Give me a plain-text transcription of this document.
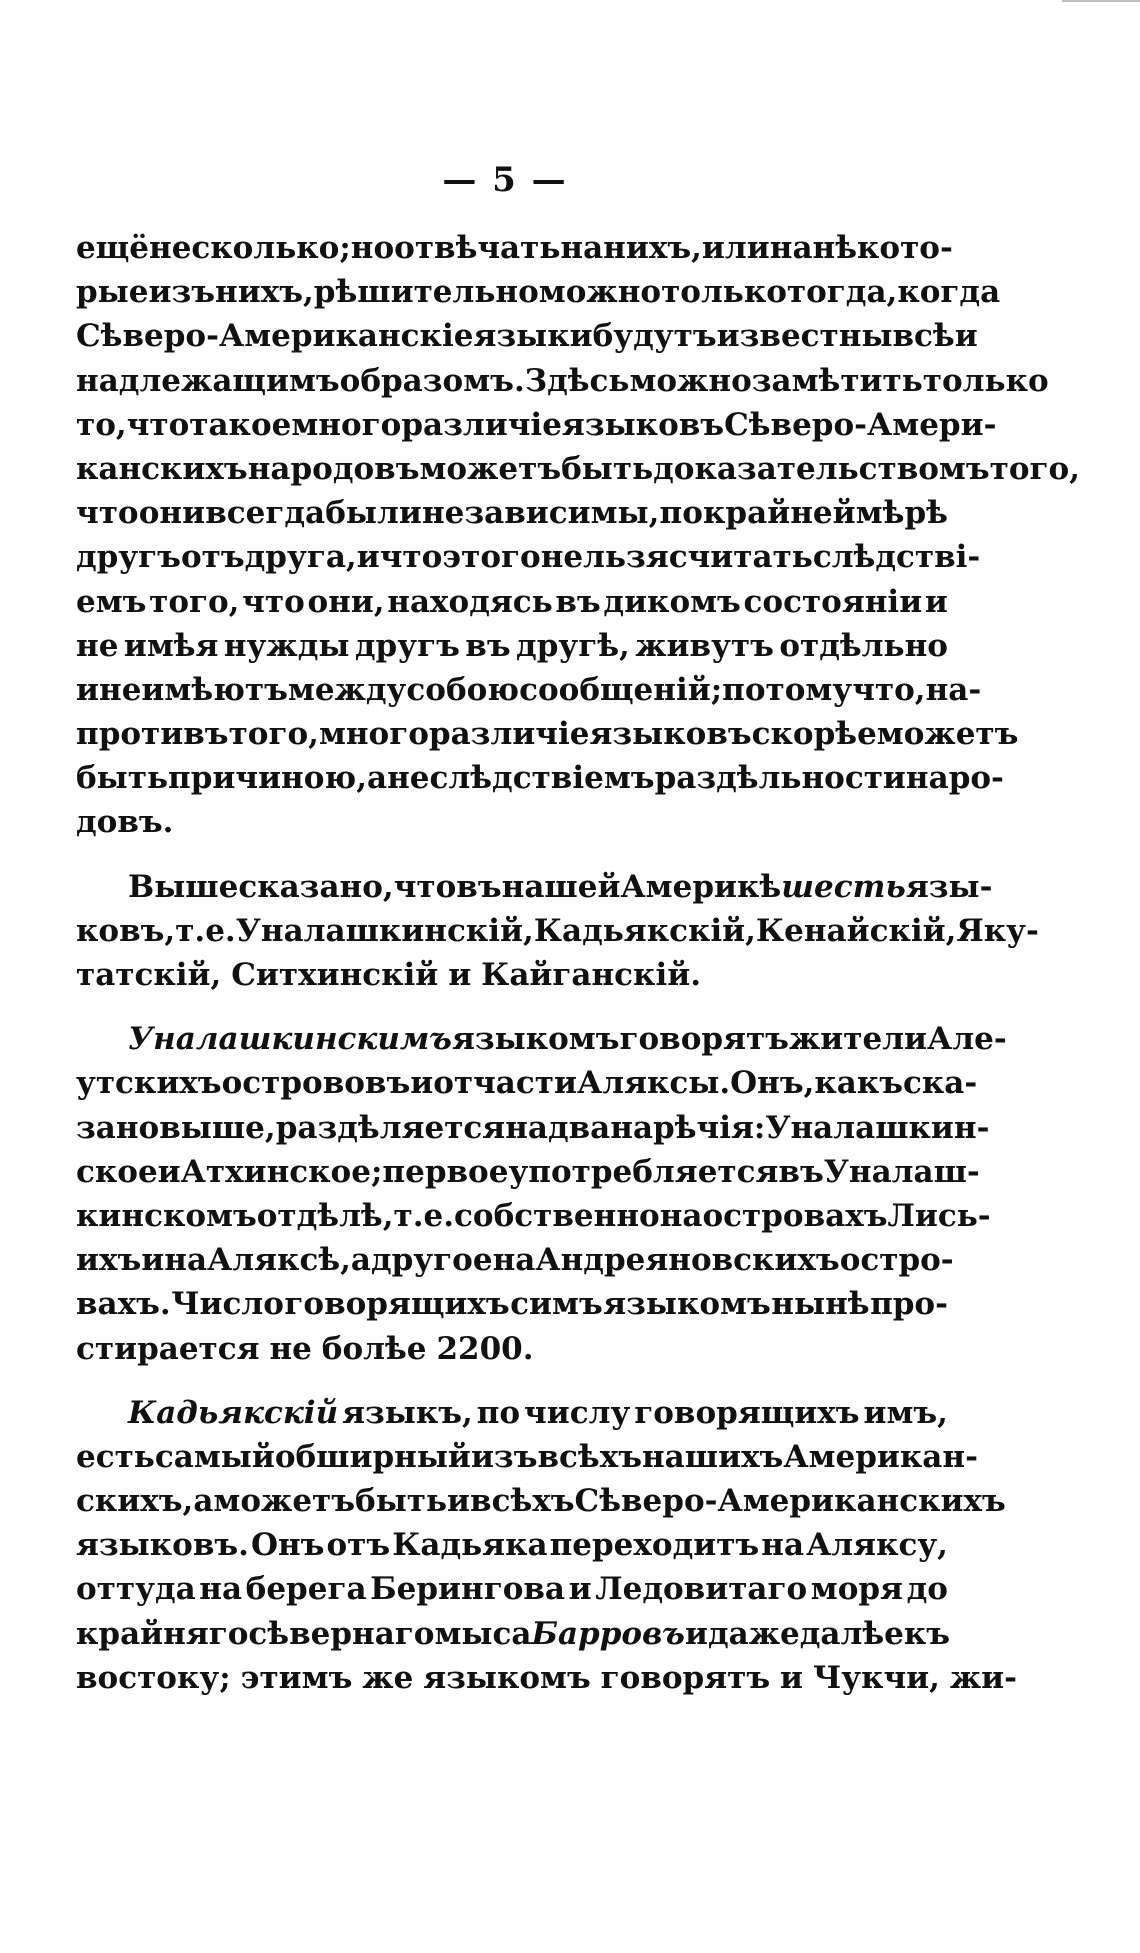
— 5 —
ещё несколько; но отвѣчать на нихъ, или на нѣкото-
рые изъ нихъ, рѣшительно можно только тогда, когда
Сѣверо-Американскіе языки будутъ известны всѣ и
надлежащимъ образомъ. Здѣсь можно замѣтить только
то, что такое многоразличіе языковъ Сѣверо-Амери-
канскихъ народовъ можетъ быть доказательствомъ того,
что они всегда были независимы, по крайней мѣрѣ
другъ отъ друга, и что этого нельзя считать слѣдстві-
емъ того, что они, находясь въ дикомъ состояніи и
не имѣя нужды другъ въ другѣ, живутъ отдѣльно
и не имѣютъ между собою сообщеній; потому что, на-
противъ того, многоразличіе языковъ скорѣе можетъ
быть причиною, а не слѣдствіемъ раздѣльности наро-
довъ.
Выше сказано, что въ нашей Америкѣ шесть язы-
ковъ, т. е. Уналашкинскій, Кадьякскій, Кенайскій, Яку-
татскій, Ситхинскій и Кайганскій.
Уналашкинскимъ языкомъ говорятъ жители Але-
утскихъ острововъ и отчасти Аляксы. Онъ, какъ ска-
зано выше, раздѣляется на два нарѣчія: Уналашкин-
ское и Атхинское; первое употребляется въ Уналаш-
кинскомъ отдѣлѣ, т. е. собственно на островахъ Лись-
ихъ и на Аляксѣ, а другое на Андреяновскихъ остро-
вахъ. Число говорящихъ симъ языкомъ нынѣ про-
стирается не болѣе 2200.
Кадьякскій языкъ, по числу говорящихъ имъ,
есть самый обширный изъ всѣхъ нашихъ Американ-
скихъ, а можетъ быть и всѣхъ Сѣверо-Американскихъ
языковъ. Онъ отъ Кадьяка переходитъ на Аляксу,
оттуда на берега Берингова и Ледовитаго моря до
крайняго сѣвернаго мыса Барровъ и даже далѣе къ
востоку; этимъ же языкомъ говорятъ и Чукчи, жи-
